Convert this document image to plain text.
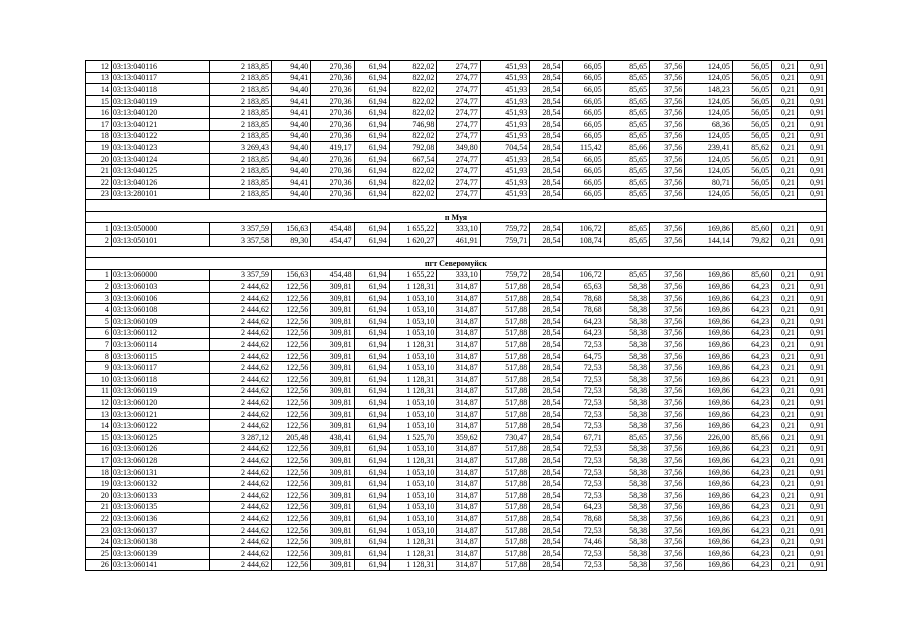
12	03:13:040116	2 183,85	94,40	270,36	61,94	822,02	274,77	451,93	28,54	66,05	85,65	37,56	124,05	56,05	0,21	0,91
13	03:13:040117	2 183,85	94,41	270,36	61,94	822,02	274,77	451,93	28,54	66,05	85,65	37,56	124,05	56,05	0,21	0,91
14	03:13:040118	2 183,85	94,40	270,36	61,94	822,02	274,77	451,93	28,54	66,05	85,65	37,56	148,23	56,05	0,21	0,91
15	03:13:040119	2 183,85	94,41	270,36	61,94	822,02	274,77	451,93	28,54	66,05	85,65	37,56	124,05	56,05	0,21	0,91
16	03:13:040120	2 183,85	94,41	270,36	61,94	822,02	274,77	451,93	28,54	66,05	85,65	37,56	124,05	56,05	0,21	0,91
17	03:13:040121	2 183,85	94,40	270,36	61,94	746,98	274,77	451,93	28,54	66,05	85,65	37,56	68,36	56,05	0,21	0,91
18	03:13:040122	2 183,85	94,40	270,36	61,94	822,02	274,77	451,93	28,54	66,05	85,65	37,56	124,05	56,05	0,21	0,91
19	03:13:040123	3 269,43	94,40	419,17	61,94	792,08	349,80	704,54	28,54	115,42	85,66	37,56	239,41	85,62	0,21	0,91
20	03:13:040124	2 183,85	94,40	270,36	61,94	667,54	274,77	451,93	28,54	66,05	85,65	37,56	124,05	56,05	0,21	0,91
21	03:13:040125	2 183,85	94,40	270,36	61,94	822,02	274,77	451,93	28,54	66,05	85,65	37,56	124,05	56,05	0,21	0,91
22	03:13:040126	2 183,85	94,41	270,36	61,94	822,02	274,77	451,93	28,54	66,05	85,65	37,56	80,71	56,05	0,21	0,91
23	03:13:280101	2 183,85	94,40	270,36	61,94	822,02	274,77	451,93	28,54	66,05	85,65	37,56	124,05	56,05	0,21	0,91

п Муя																
1	03:13:050000	3 357,59	156,63	454,48	61,94	1 655,22	333,10	759,72	28,54	106,72	85,65	37,56	169,86	85,60	0,21	0,91
2	03:13:050101	3 357,58	89,30	454,47	61,94	1 620,27	461,91	759,71	28,54	108,74	85,65	37,56	144,14	79,82	0,21	0,91

пгт Северомуйск																
1	03:13:060000	3 357,59	156,63	454,48	61,94	1 655,22	333,10	759,72	28,54	106,72	85,65	37,56	169,86	85,60	0,21	0,91
2	03:13:060103	2 444,62	122,56	309,81	61,94	1 128,31	314,87	517,88	28,54	65,63	58,38	37,56	169,86	64,23	0,21	0,91
3	03:13:060106	2 444,62	122,56	309,81	61,94	1 053,10	314,87	517,88	28,54	78,68	58,38	37,56	169,86	64,23	0,21	0,91
4	03:13:060108	2 444,62	122,56	309,81	61,94	1 053,10	314,87	517,88	28,54	78,68	58,38	37,56	169,86	64,23	0,21	0,91
5	03:13:060109	2 444,62	122,56	309,81	61,94	1 053,10	314,87	517,88	28,54	64,23	58,38	37,56	169,86	64,23	0,21	0,91
6	03:13:060112	2 444,62	122,56	309,81	61,94	1 053,10	314,87	517,88	28,54	64,23	58,38	37,56	169,86	64,23	0,21	0,91
7	03:13:060114	2 444,62	122,56	309,81	61,94	1 128,31	314,87	517,88	28,54	72,53	58,38	37,56	169,86	64,23	0,21	0,91
8	03:13:060115	2 444,62	122,56	309,81	61,94	1 053,10	314,87	517,88	28,54	64,75	58,38	37,56	169,86	64,23	0,21	0,91
9	03:13:060117	2 444,62	122,56	309,81	61,94	1 053,10	314,87	517,88	28,54	72,53	58,38	37,56	169,86	64,23	0,21	0,91
10	03:13:060118	2 444,62	122,56	309,81	61,94	1 128,31	314,87	517,88	28,54	72,53	58,38	37,56	169,86	64,23	0,21	0,91
11	03:13:060119	2 444,62	122,56	309,81	61,94	1 128,31	314,87	517,88	28,54	72,53	58,38	37,56	169,86	64,23	0,21	0,91
12	03:13:060120	2 444,62	122,56	309,81	61,94	1 053,10	314,87	517,88	28,54	72,53	58,38	37,56	169,86	64,23	0,21	0,91
13	03:13:060121	2 444,62	122,56	309,81	61,94	1 053,10	314,87	517,88	28,54	72,53	58,38	37,56	169,86	64,23	0,21	0,91
14	03:13:060122	2 444,62	122,56	309,81	61,94	1 053,10	314,87	517,88	28,54	72,53	58,38	37,56	169,86	64,23	0,21	0,91
15	03:13:060125	3 287,12	205,48	438,41	61,94	1 525,70	359,62	730,47	28,54	67,71	85,65	37,56	226,00	85,66	0,21	0,91
16	03:13:060126	2 444,62	122,56	309,81	61,94	1 053,10	314,87	517,88	28,54	72,53	58,38	37,56	169,86	64,23	0,21	0,91
17	03:13:060128	2 444,62	122,56	309,81	61,94	1 128,31	314,87	517,88	28,54	72,53	58,38	37,56	169,86	64,23	0,21	0,91
18	03:13:060131	2 444,62	122,56	309,81	61,94	1 053,10	314,87	517,88	28,54	72,53	58,38	37,56	169,86	64,23	0,21	0,91
19	03:13:060132	2 444,62	122,56	309,81	61,94	1 053,10	314,87	517,88	28,54	72,53	58,38	37,56	169,86	64,23	0,21	0,91
20	03:13:060133	2 444,62	122,56	309,81	61,94	1 053,10	314,87	517,88	28,54	72,53	58,38	37,56	169,86	64,23	0,21	0,91
21	03:13:060135	2 444,62	122,56	309,81	61,94	1 053,10	314,87	517,88	28,54	64,23	58,38	37,56	169,86	64,23	0,21	0,91
22	03:13:060136	2 444,62	122,56	309,81	61,94	1 053,10	314,87	517,88	28,54	78,68	58,38	37,56	169,86	64,23	0,21	0,91
23	03:13:060137	2 444,62	122,56	309,81	61,94	1 053,10	314,87	517,88	28,54	72,53	58,38	37,56	169,86	64,23	0,21	0,91
24	03:13:060138	2 444,62	122,56	309,81	61,94	1 128,31	314,87	517,88	28,54	74,46	58,38	37,56	169,86	64,23	0,21	0,91
25	03:13:060139	2 444,62	122,56	309,81	61,94	1 128,31	314,87	517,88	28,54	72,53	58,38	37,56	169,86	64,23	0,21	0,91
26	03:13:060141	2 444,62	122,56	309,81	61,94	1 128,31	314,87	517,88	28,54	72,53	58,38	37,56	169,86	64,23	0,21	0,91
